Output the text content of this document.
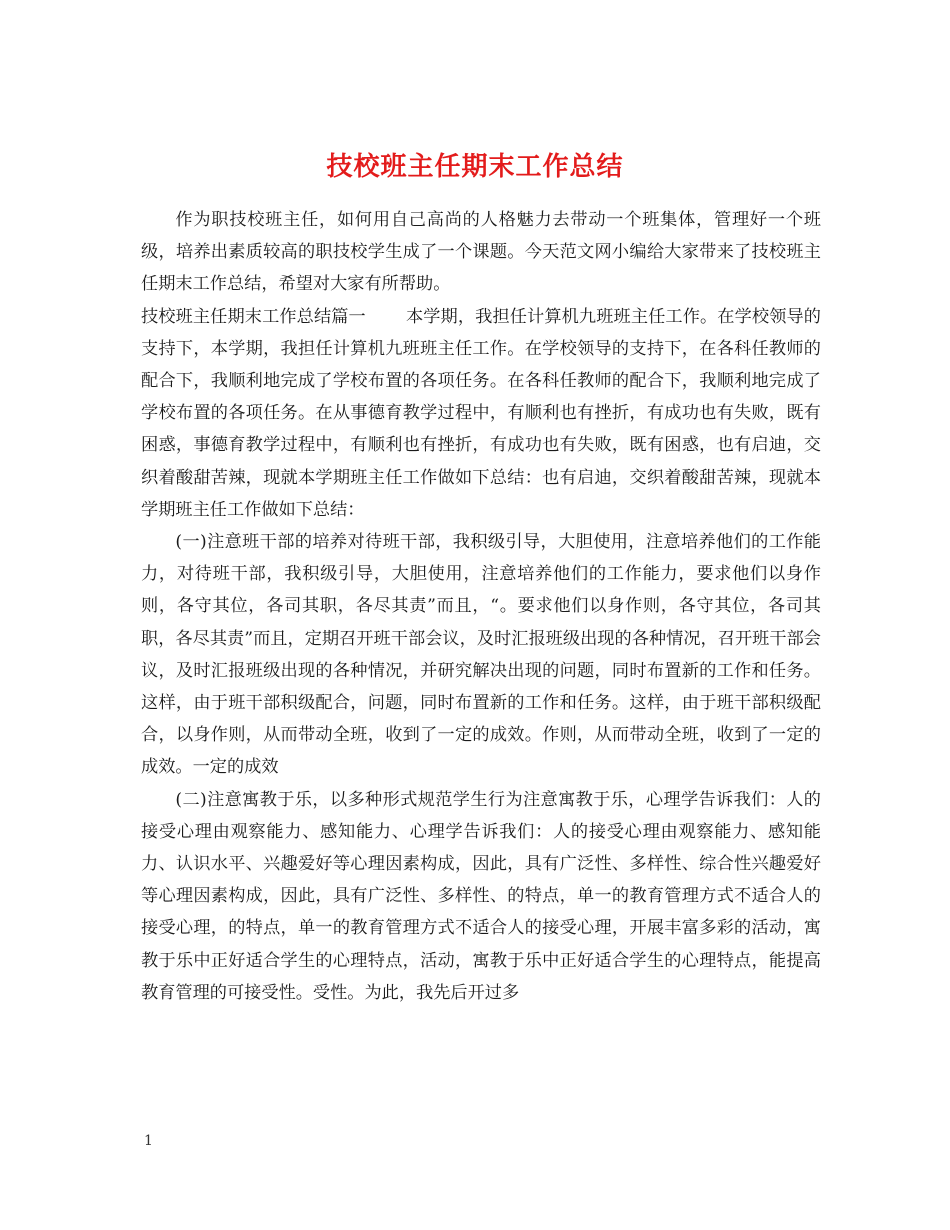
技校班主任期末工作总结

作为职技校班主任，如何用自己高尚的人格魅力去带动一个班集体，管理好一个班级，培养出素质较高的职技校学生成了一个课题。今天范文网小编给大家带来了技校班主任期末工作总结，希望对大家有所帮助。

技校班主任期末工作总结篇一 本学期，我担任计算机九班班主任工作。在学校领导的支持下，本学期，我担任计算机九班班主任工作。在学校领导的支持下，在各科任教师的配合下，我顺利地完成了学校布置的各项任务。在各科任教师的配合下，我顺利地完成了学校布置的各项任务。在从事德育教学过程中，有顺利也有挫折，有成功也有失败，既有困惑，事德育教学过程中，有顺利也有挫折，有成功也有失败，既有困惑，也有启迪，交织着酸甜苦辣，现就本学期班主任工作做如下总结：也有启迪，交织着酸甜苦辣，现就本学期班主任工作做如下总结：

(一)注意班干部的培养对待班干部，我积级引导，大胆使用，注意培养他们的工作能力，对待班干部，我积级引导，大胆使用，注意培养他们的工作能力，要求他们以身作则，各守其位，各司其职，各尽其责”而且，“。要求他们以身作则，各守其位，各司其职，各尽其责”而且，定期召开班干部会议，及时汇报班级出现的各种情况，召开班干部会议，及时汇报班级出现的各种情况，并研究解决出现的问题，同时布置新的工作和任务。这样，由于班干部积级配合，问题，同时布置新的工作和任务。这样，由于班干部积级配合，以身作则，从而带动全班，收到了一定的成效。作则，从而带动全班，收到了一定的成效。一定的成效

(二)注意寓教于乐，以多种形式规范学生行为注意寓教于乐，心理学告诉我们：人的接受心理由观察能力、感知能力、心理学告诉我们：人的接受心理由观察能力、感知能力、认识水平、兴趣爱好等心理因素构成，因此，具有广泛性、多样性、综合性兴趣爱好等心理因素构成，因此，具有广泛性、多样性、的特点，单一的教育管理方式不适合人的接受心理，的特点，单一的教育管理方式不适合人的接受心理，开展丰富多彩的活动，寓教于乐中正好适合学生的心理特点，活动，寓教于乐中正好适合学生的心理特点，能提高教育管理的可接受性。受性。为此，我先后开过多

1
